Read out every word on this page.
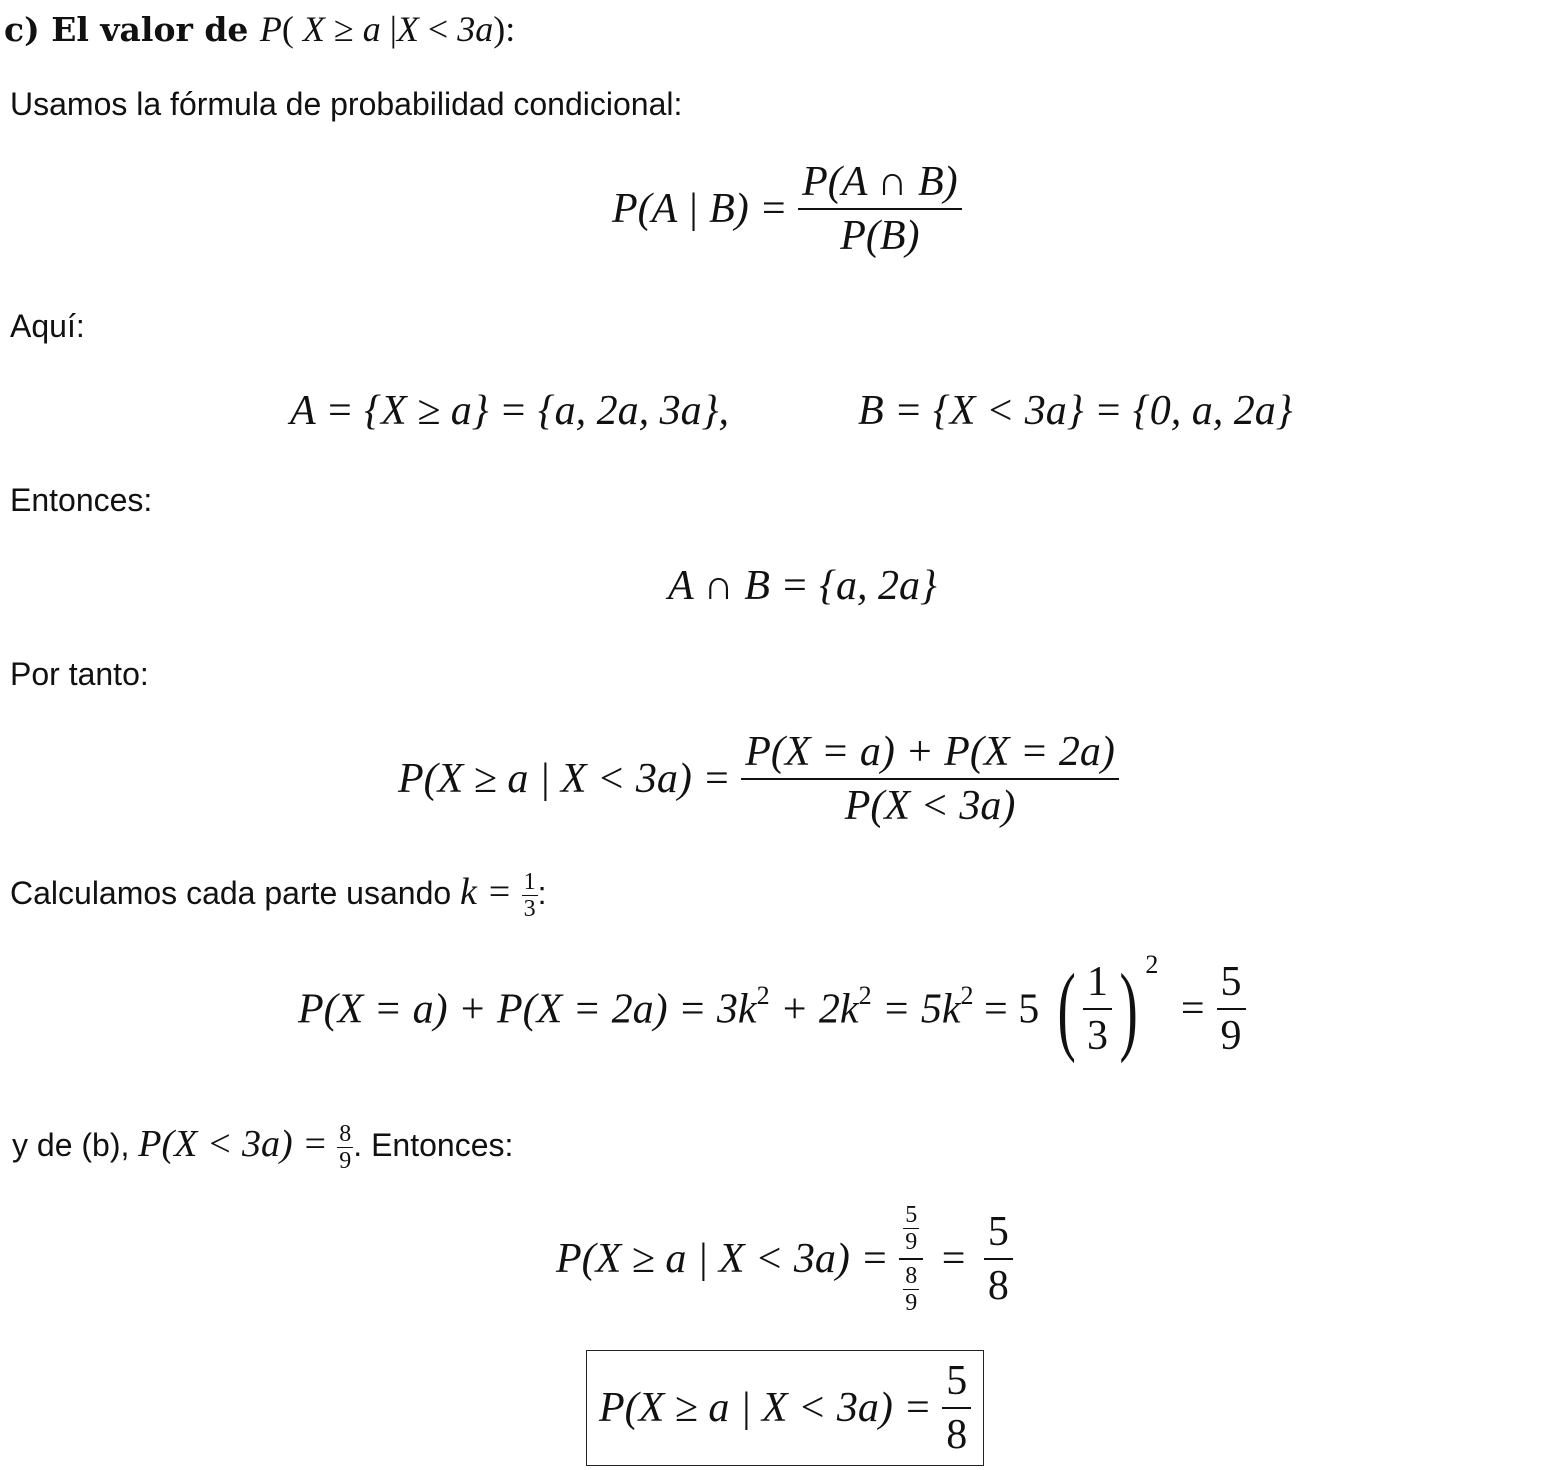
c) El valor de P( X ≥ a |X < 3a):
Usamos la fórmula de probabilidad condicional:
P(A | $B) = \frac{P(A \cap B)}{P(B)}$
Aquí:
A = {X ≥ a} = {a, 2a, 3a},	B = {X < 3a} = {0, a, 2a}
Entonces:
A ∩ B = {a, 2a}
Por tanto:
P(X ≥ a | $X < 3a) = \frac{P(X = a) + P(X = 2a)}{P(X < 3a)}$
Calculamos cada parte usando $k = \frac{1}{3}$ :
$P(X = a) + P(X = 2a) = 3k^2 + 2k^2 = 5k^2 = 5$ ( $\frac{1}{3}$ ) $^2 = \frac{5}{9}$
y de (b), $P(X < 3a) = \frac{8}{9}$ . Entonces:
P(X ≥ a | $X < 3a) = \frac{\frac{5}{9}}{\frac{8}{9}} = \frac{5}{8}$
P(X ≥ a | $X < 3a) = \frac{5}{8}$
